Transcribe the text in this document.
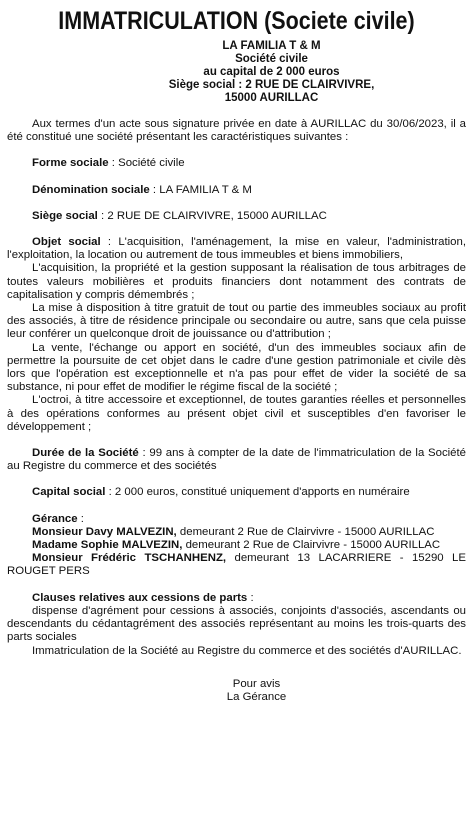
IMMATRICULATION (Societe civile)
LA FAMILIA T & M
Société civile
au capital de 2 000 euros
Siège social : 2 RUE DE CLAIRVIVRE,
15000 AURILLAC

Aux termes d'un acte sous signature privée en date à AURILLAC du 30/06/2023, il a été constitué une société présentant les caractéristiques suivantes :

Forme sociale : Société civile

Dénomination sociale : LA FAMILIA T & M

Siège social : 2 RUE DE CLAIRVIVRE, 15000 AURILLAC

Objet social : L'acquisition, l'aménagement, la mise en valeur, l'administration, l'exploitation, la location ou autrement de tous immeubles et biens immobiliers,

L'acquisition, la propriété et la gestion supposant la réalisation de tous arbitrages de toutes valeurs mobilières et produits financiers dont notamment des contrats de capitalisation y compris démembrés ;

La mise à disposition à titre gratuit de tout ou partie des immeubles sociaux au profit des associés, à titre de résidence principale ou secondaire ou autre, sans que cela puisse leur conférer un quelconque droit de jouissance ou d'attribution ;

La vente, l'échange ou apport en société, d'un des immeubles sociaux afin de permettre la poursuite de cet objet dans le cadre d'une gestion patrimoniale et civile dès lors que l'opération est exceptionnelle et n'a pas pour effet de vider la société de sa substance, ni pour effet de modifier le régime fiscal de la société ;

L'octroi, à titre accessoire et exceptionnel, de toutes garanties réelles et personnelles à des opérations conformes au présent objet civil et susceptibles d'en favoriser le développement ;

Durée de la Société : 99 ans à compter de la date de l'immatriculation de la Société au Registre du commerce et des sociétés

Capital social : 2 000 euros, constitué uniquement d'apports en numéraire

Gérance :

Monsieur Davy MALVEZIN, demeurant 2 Rue de Clairvivre - 15000 AURILLAC

Madame Sophie MALVEZIN, demeurant 2 Rue de Clairvivre - 15000 AURILLAC

Monsieur Frédéric TSCHANHENZ, demeurant 13 LACARRIERE - 15290 LE ROUGET PERS

Clauses relatives aux cessions de parts :

dispense d'agrément pour cessions à associés, conjoints d'associés, ascendants ou descendants du cédantagrément des associés représentant au moins les trois-quarts des parts sociales

Immatriculation de la Société au Registre du commerce et des sociétés d'AURILLAC.

Pour avis
La Gérance
